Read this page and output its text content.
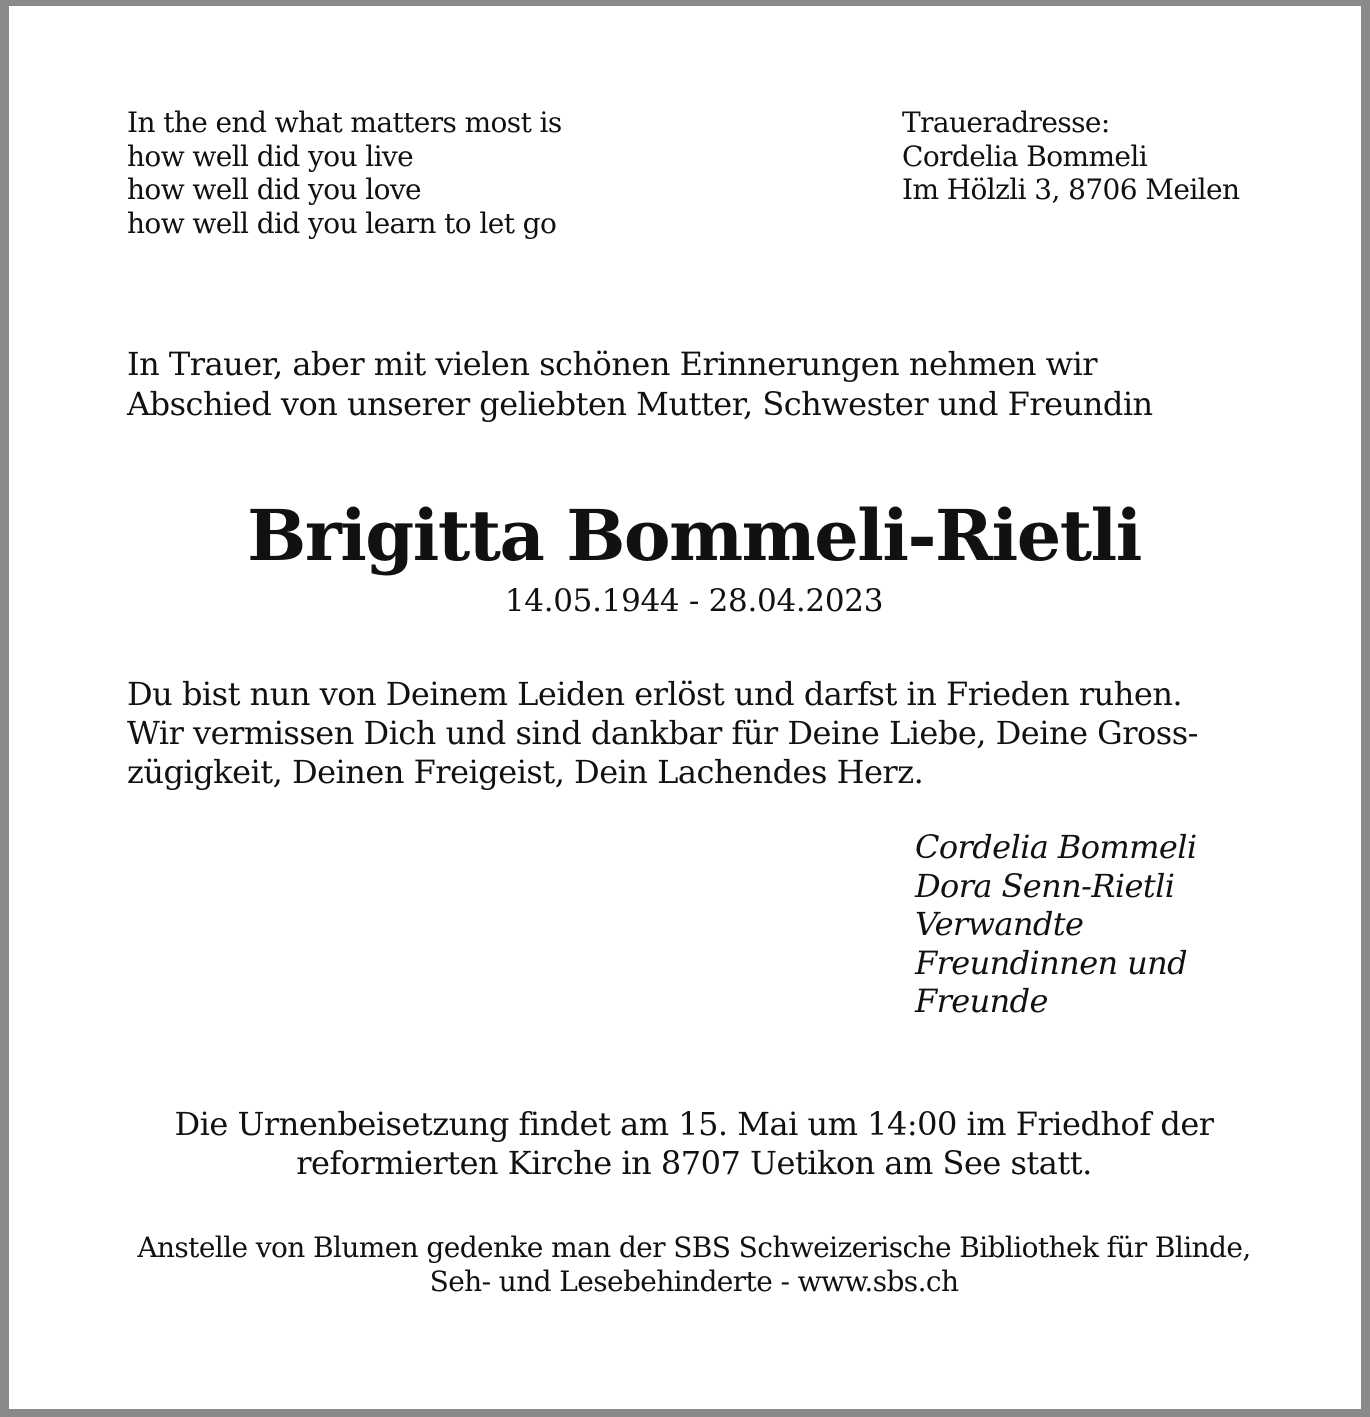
In the end what matters most is
how well did you live
how well did you love
how well did you learn to let go
Traueradresse:
Cordelia Bommeli
Im Hölzli 3, 8706 Meilen
In Trauer, aber mit vielen schönen Erinnerungen nehmen wir
Abschied von unserer geliebten Mutter, Schwester und Freundin
Brigitta Bommeli-Rietli
14.05.1944 - 28.04.2023
Du bist nun von Deinem Leiden erlöst und darfst in Frieden ruhen.
Wir vermissen Dich und sind dankbar für Deine Liebe, Deine Gross-
zügigkeit, Deinen Freigeist, Dein Lachendes Herz.
Cordelia Bommeli
Dora Senn-Rietli
Verwandte
Freundinnen und
Freunde
Die Urnenbeisetzung findet am 15. Mai um 14:00 im Friedhof der
reformierten Kirche in 8707 Uetikon am See statt.
Anstelle von Blumen gedenke man der SBS Schweizerische Bibliothek für Blinde,
Seh- und Lesebehinderte - www.sbs.ch
